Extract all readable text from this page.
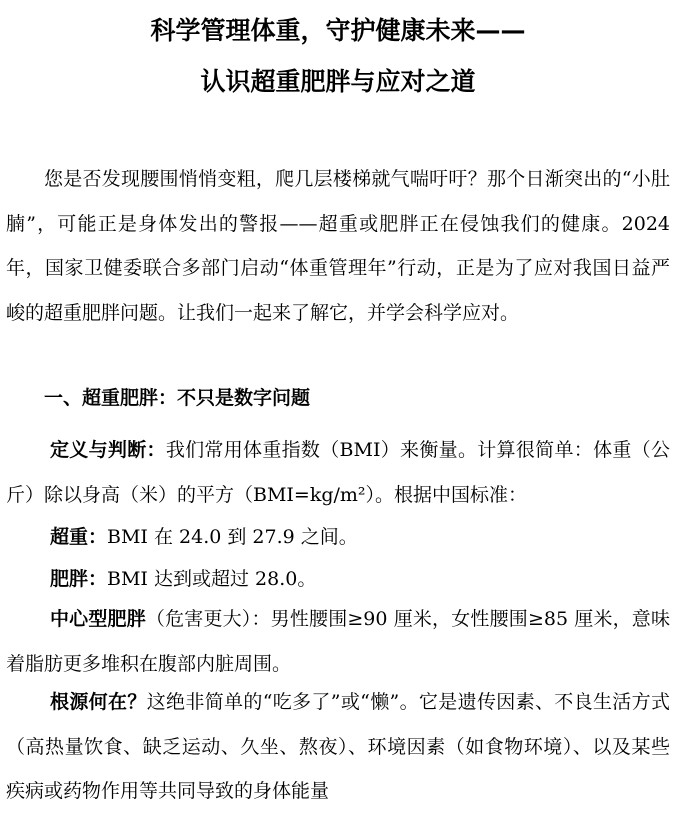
科学管理体重，守护健康未来——
认识超重肥胖与应对之道

您是否发现腰围悄悄变粗，爬几层楼梯就气喘吁吁？那个日渐突出的“小肚腩”，可能正是身体发出的警报——超重或肥胖正在侵蚀我们的健康。2024 年，国家卫健委联合多部门启动“体重管理年”行动，正是为了应对我国日益严峻的超重肥胖问题。让我们一起来了解它，并学会科学应对。

一、超重肥胖：不只是数字问题

定义与判断：我们常用体重指数（BMI）来衡量。计算很简单：体重（公斤）除以身高（米）的平方（BMI=kg/m²）。根据中国标准：

超重：BMI 在 24.0 到 27.9 之间。

肥胖：BMI 达到或超过 28.0。

中心型肥胖（危害更大）：男性腰围≥90 厘米，女性腰围≥85 厘米，意味着脂肪更多堆积在腹部内脏周围。

根源何在？这绝非简单的“吃多了”或“懒”。它是遗传因素、不良生活方式（高热量饮食、缺乏运动、久坐、熬夜）、环境因素（如食物环境）、以及某些疾病或药物作用等共同导致的身体能量
